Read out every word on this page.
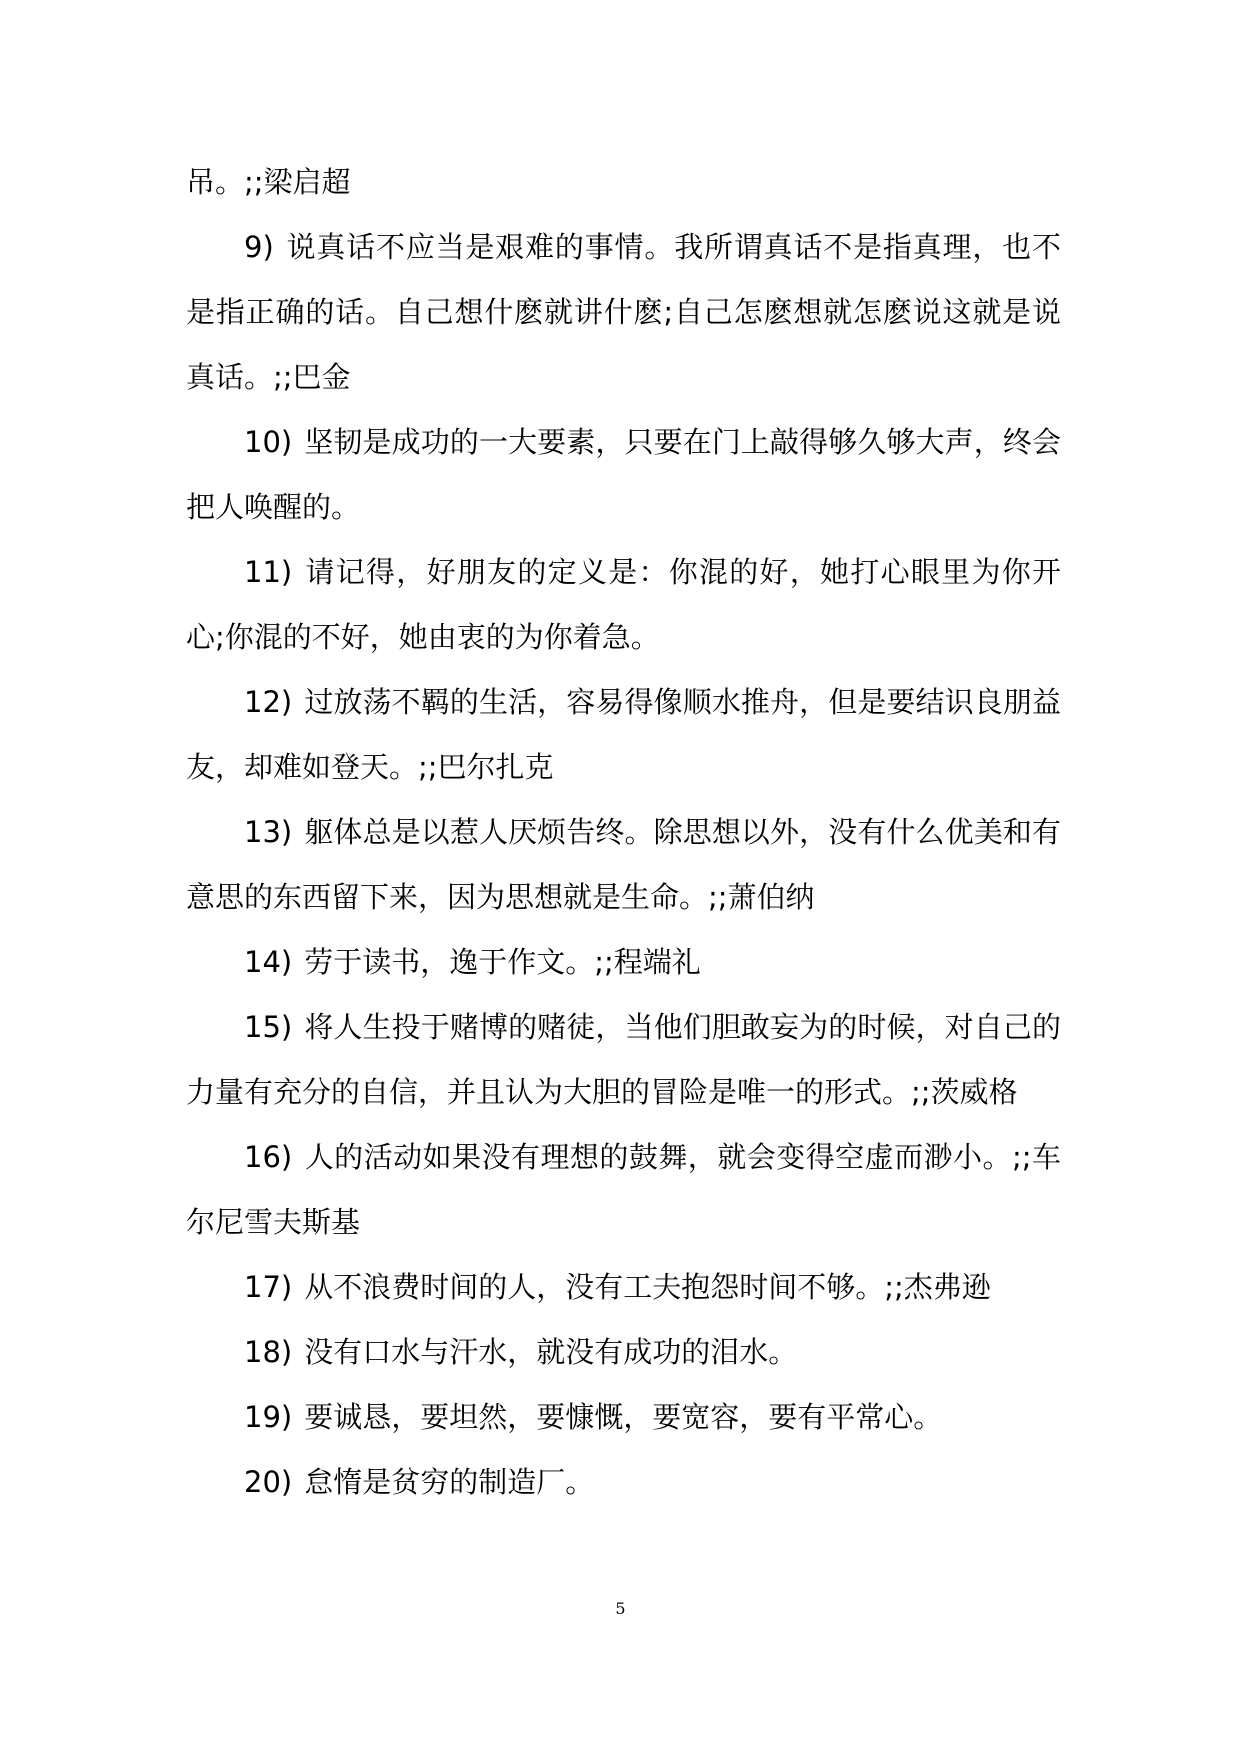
吊。;;梁启超

9) 说真话不应当是艰难的事情。我所谓真话不是指真理，也不是指正确的话。自己想什麽就讲什麽;自己怎麽想就怎麽说这就是说真话。;;巴金

10) 坚韧是成功的一大要素，只要在门上敲得够久够大声，终会把人唤醒的。

11) 请记得，好朋友的定义是：你混的好，她打心眼里为你开心;你混的不好，她由衷的为你着急。

12) 过放荡不羁的生活，容易得像顺水推舟，但是要结识良朋益友，却难如登天。;;巴尔扎克

13) 躯体总是以惹人厌烦告终。除思想以外，没有什么优美和有意思的东西留下来，因为思想就是生命。;;萧伯纳

14) 劳于读书，逸于作文。;;程端礼

15) 将人生投于赌博的赌徒，当他们胆敢妄为的时候，对自己的力量有充分的自信，并且认为大胆的冒险是唯一的形式。;;茨威格

16) 人的活动如果没有理想的鼓舞，就会变得空虚而渺小。;;车尔尼雪夫斯基

17) 从不浪费时间的人，没有工夫抱怨时间不够。;;杰弗逊

18) 没有口水与汗水，就没有成功的泪水。

19) 要诚恳，要坦然，要慷慨，要宽容，要有平常心。

20) 怠惰是贫穷的制造厂。

5
